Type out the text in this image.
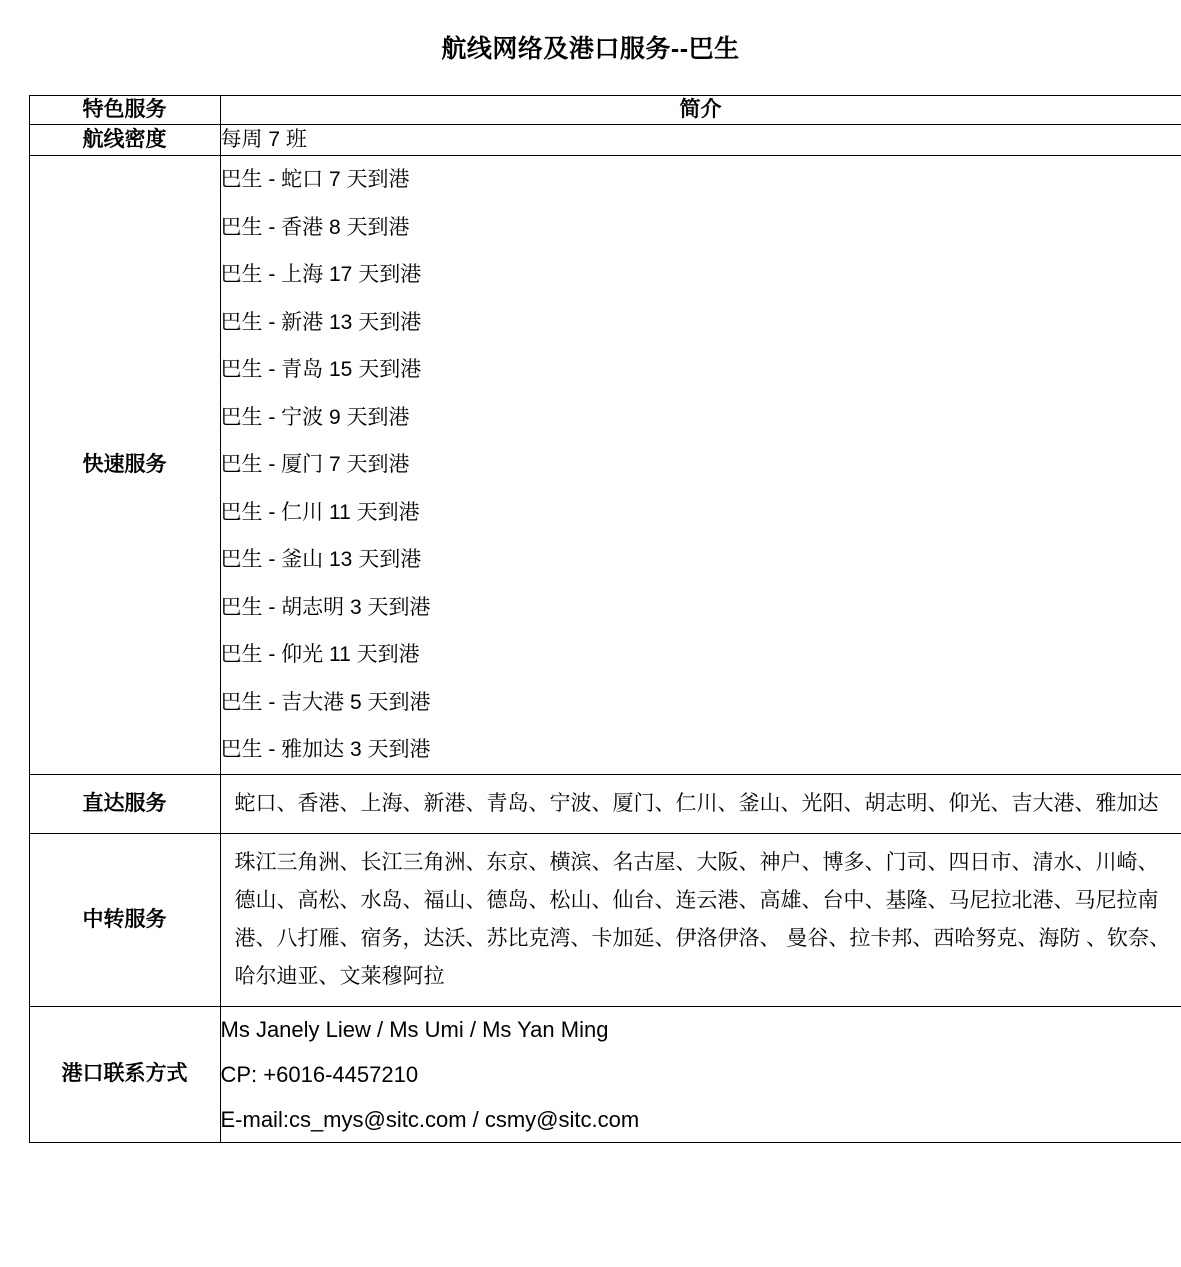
航线网络及港口服务--巴生
特色服务	简介
航线密度	每周 7 班
快速服务	
巴生 - 蛇口 7 天到港
巴生 - 香港 8 天到港
巴生 - 上海 17 天到港
巴生 - 新港 13 天到港
巴生 - 青岛 15 天到港
巴生 - 宁波 9 天到港
巴生 - 厦门 7 天到港
巴生 - 仁川 11 天到港
巴生 - 釜山 13 天到港
巴生 - 胡志明 3 天到港
巴生 - 仰光 11 天到港
巴生 - 吉大港 5 天到港
巴生 - 雅加达 3 天到港

直达服务	蛇口、香港、上海、新港、青岛、宁波、厦门、仁川、釜山、光阳、胡志明、仰光、吉大港、雅加达
中转服务	珠江三角洲、长江三角洲、东京、横滨、名古屋、大阪、神户、博多、门司、四日市、清水、川崎、德山、高松、水岛、福山、德岛、松山、仙台、连云港、高雄、台中、基隆、马尼拉北港、马尼拉南港、八打雁、宿务，达沃、苏比克湾、卡加延、伊洛伊洛、 曼谷、拉卡邦、西哈努克、海防 、钦奈、哈尔迪亚、文莱穆阿拉
港口联系方式	Ms Janely Liew / Ms Umi / Ms Yan Ming
CP: +6016-4457210
E-mail:cs_mys@sitc.com / csmy@sitc.com
